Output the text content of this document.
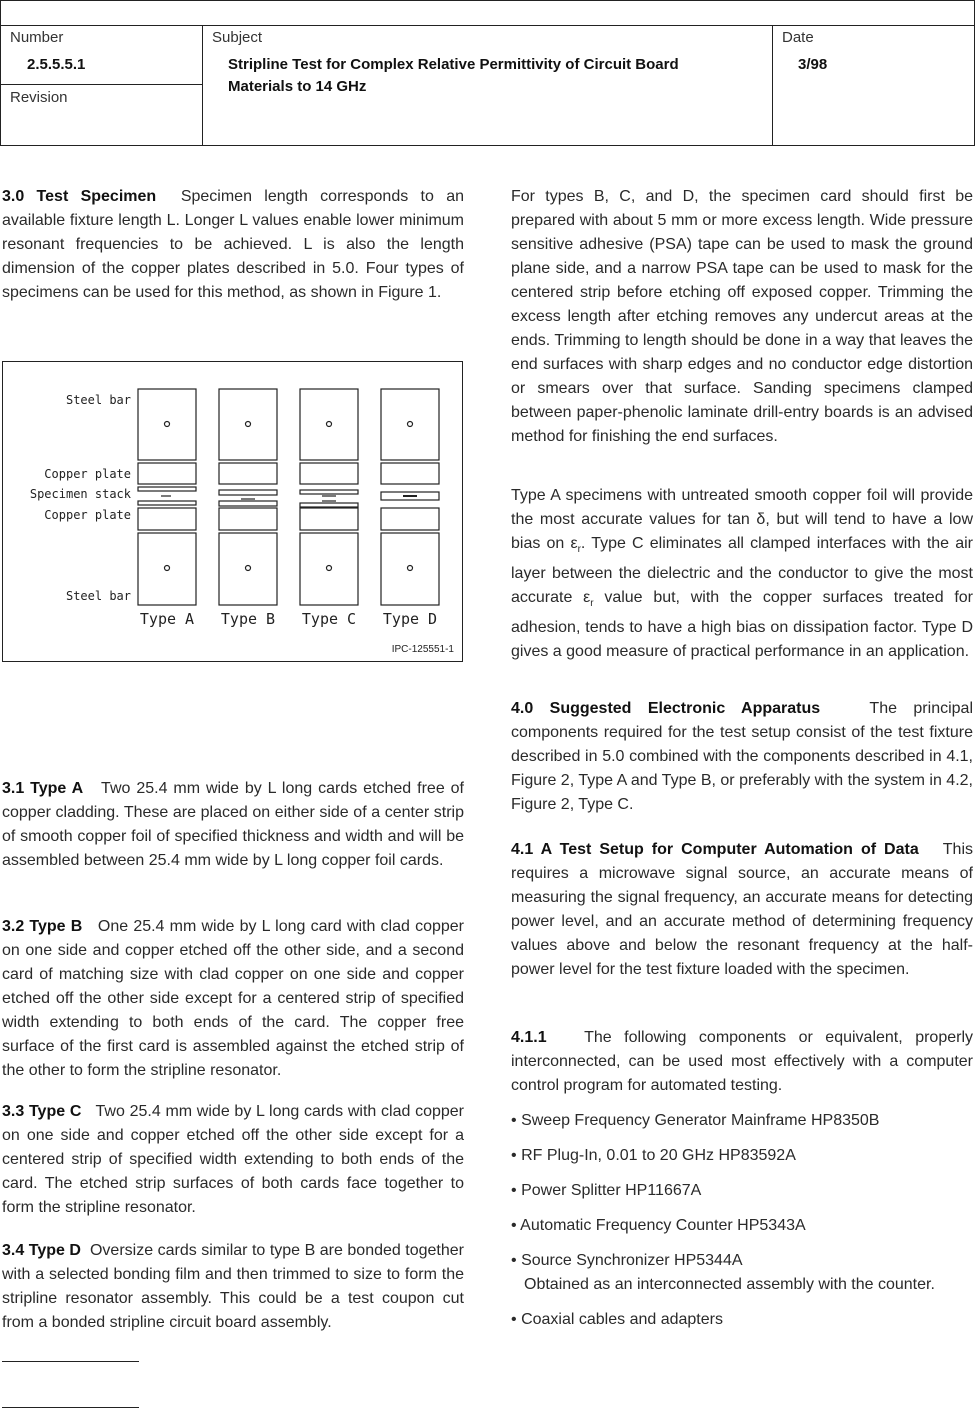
Number
2.5.5.5.1
Revision
Subject
Stripline Test for Complex Relative Permittivity of Circuit Board
Materials to 14 GHz
Date
3/98

3.0 Test Specimen Specimen length corresponds to an available fixture length L. Longer L values enable lower minimum resonant frequencies to be achieved. L is also the length dimension of the copper plates described in 5.0. Four types of specimens can be used for this method, as shown in Figure 1.

Steel bar
Copper plate
Specimen stack
Copper plate
Steel bar
Type A Type B Type C Type D
IPC-125551-1

3.1 Type A Two 25.4 mm wide by L long cards etched free of copper cladding. These are placed on either side of a center strip of smooth copper foil of specified thickness and width and will be assembled between 25.4 mm wide by L long copper foil cards.

3.2 Type B One 25.4 mm wide by L long card with clad copper on one side and copper etched off the other side, and a second card of matching size with clad copper on one side and copper etched off the other side except for a centered strip of specified width extending to both ends of the card. The copper free surface of the first card is assembled against the etched strip of the other to form the stripline resonator.

3.3 Type C Two 25.4 mm wide by L long cards with clad copper on one side and copper etched off the other side except for a centered strip of specified width extending to both ends of the card. The etched strip surfaces of both cards face together to form the stripline resonator.

3.4 Type D Oversize cards similar to type B are bonded together with a selected bonding film and then trimmed to size to form the stripline resonator assembly. This could be a test coupon cut from a bonded stripline circuit board assembly.

For types B, C, and D, the specimen card should first be prepared with about 5 mm or more excess length. Wide pressure sensitive adhesive (PSA) tape can be used to mask the ground plane side, and a narrow PSA tape can be used to mask for the centered strip before etching off exposed copper. Trimming the excess length after etching removes any undercut areas at the ends. Trimming to length should be done in a way that leaves the end surfaces with sharp edges and no conductor edge distortion or smears over that surface. Sanding specimens clamped between paper-phenolic laminate drill-entry boards is an advised method for finishing the end surfaces.

Type A specimens with untreated smooth copper foil will provide the most accurate values for tan δ, but will tend to have a low bias on $\varepsilon_r$. Type C eliminates all clamped interfaces with the air layer between the dielectric and the conductor to give the most accurate $\varepsilon_r$ value but, with the copper surfaces treated for adhesion, tends to have a high bias on dissipation factor. Type D gives a good measure of practical performance in an application.

4.0 Suggested Electronic Apparatus	The principal components required for the test setup consist of the test fixture described in 5.0 combined with the components described in 4.1, Figure 2, Type A and Type B, or preferably with the system in 4.2, Figure 2, Type C.

4.1 A Test Setup for Computer Automation of Data This requires a microwave signal source, an accurate means of measuring the signal frequency, an accurate means for detecting power level, and an accurate method of determining frequency values above and below the resonant frequency at the half-power level for the test fixture loaded with the specimen.

4.1.1 The following components or equivalent, properly interconnected, can be used most effectively with a computer control program for automated testing.

• Sweep Frequency Generator Mainframe HP8350B
• RF Plug-In, 0.01 to 20 GHz HP83592A
• Power Splitter HP11667A
• Automatic Frequency Counter HP5343A
• Source Synchronizer HP5344A
Obtained as an interconnected assembly with the counter.
• Coaxial cables and adapters
